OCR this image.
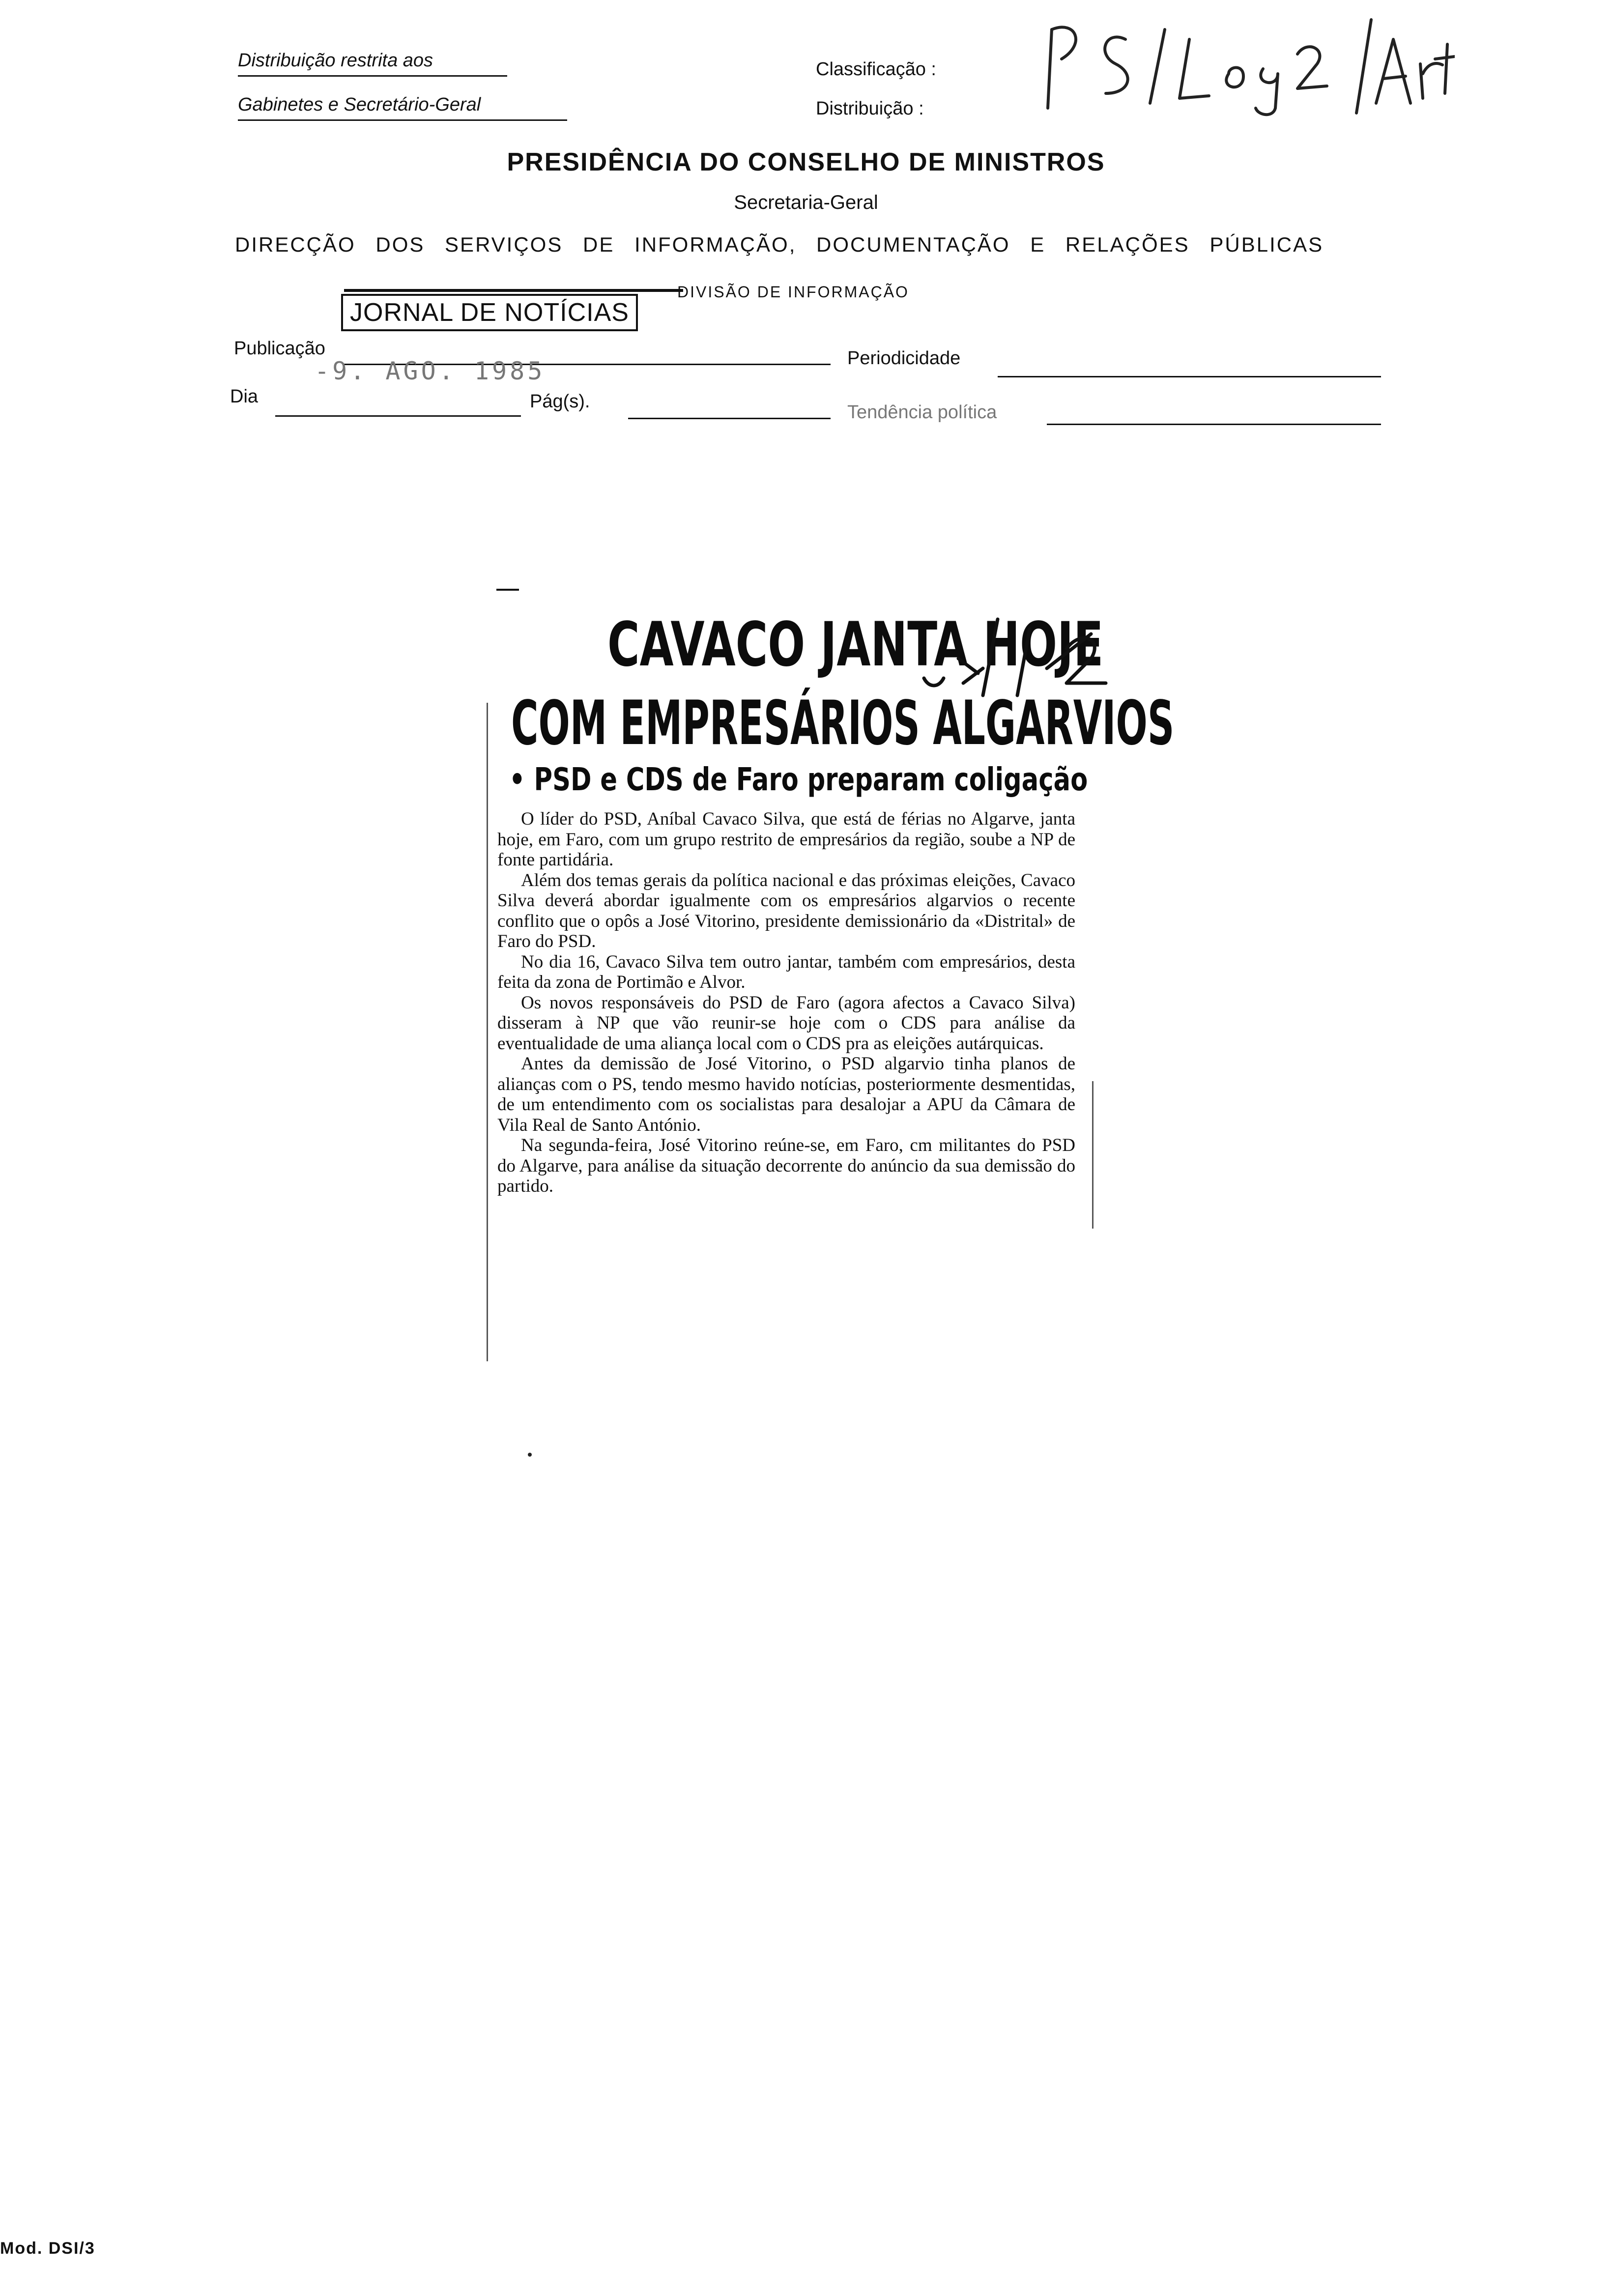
Distribuição restrita aos
Gabinetes e Secretário-Geral
Classificação :
Distribuição :
PRESIDÊNCIA DO CONSELHO DE MINISTROS
Secretaria-Geral
DIRECÇÃO DOS SERVIÇOS DE INFORMAÇÃO, DOCUMENTAÇÃO E RELAÇÕES PÚBLICAS
DIVISÃO DE INFORMAÇÃO
JORNAL DE NOTÍCIAS
Publicação	Periodicidade
-9. AGO. 1985
Dia	Pág(s).
Tendência política
CAVACO JANTA HOJE
COM EMPRESÁRIOS ALGARVIOS
• PSD e CDS de Faro preparam coligação

O líder do PSD, Aníbal Cavaco Silva, que está de férias no Algarve, janta hoje, em Faro, com um grupo restrito de empresários da região, soube a NP de fonte partidária.

Além dos temas gerais da política nacional e das próximas eleições, Cavaco Silva deverá abordar igualmente com os empresários algarvios o recente conflito que o opôs a José Vitorino, presidente demissionário da «Distrital» de Faro do PSD.

No dia 16, Cavaco Silva tem outro jantar, também com empresários, desta feita da zona de Portimão e Alvor.

Os novos responsáveis do PSD de Faro (agora afectos a Cavaco Silva) disseram à NP que vão reunir-se hoje com o CDS para análise da eventualidade de uma aliança local com o CDS pra as eleições autárquicas.

Antes da demissão de José Vitorino, o PSD algarvio tinha planos de alianças com o PS, tendo mesmo havido notícias, posteriormente desmentidas, de um entendimento com os socialistas para desalojar a APU da Câmara de Vila Real de Santo António.

Na segunda-feira, José Vitorino reúne-se, em Faro, cm militantes do PSD do Algarve, para análise da situação decorrente do anúncio da sua demissão do partido.

Mod. DSI/3
